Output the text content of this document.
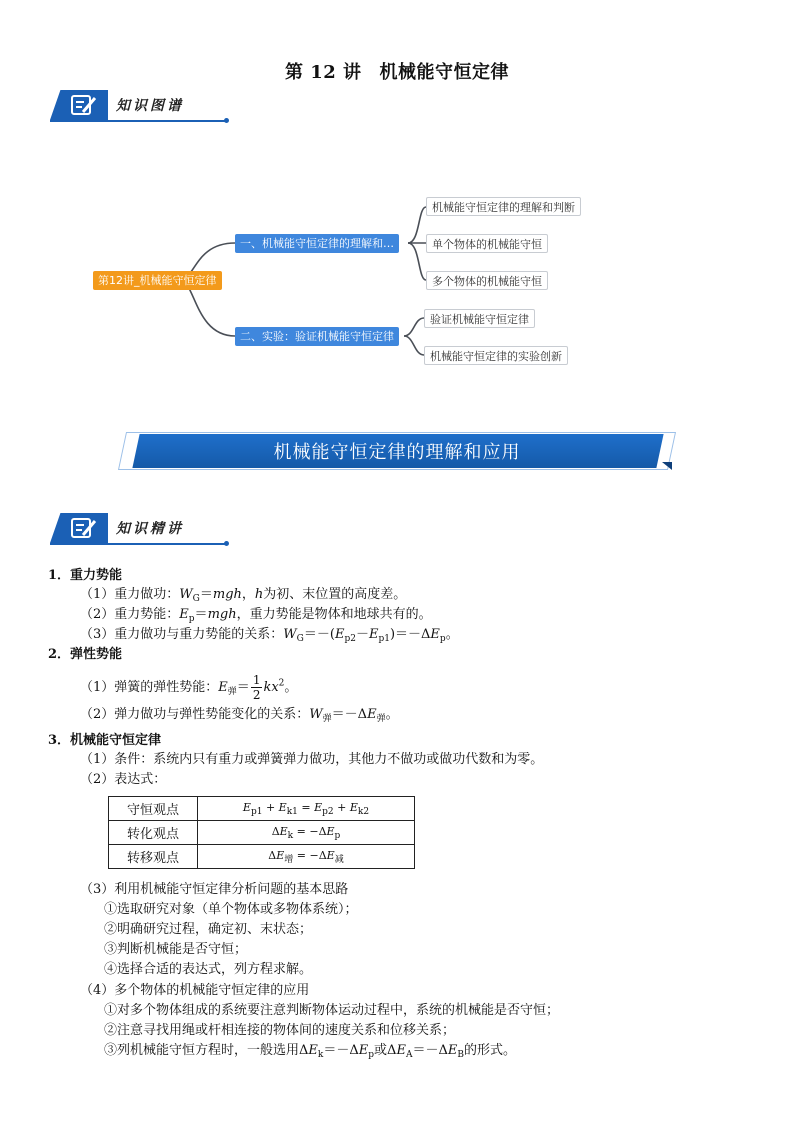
第 12 讲 机械能守恒定律
知识图谱
第12讲_机械能守恒定律
一、机械能守恒定律的理解和…
二、实验：验证机械能守恒定律
机械能守恒定律的理解和判断
单个物体的机械能守恒
多个物体的机械能守恒
验证机械能守恒定律
机械能守恒定律的实验创新
机械能守恒定律的理解和应用
知识精讲
1．重力势能
（1）重力做功：$W_G=mgh$，h为初、末位置的高度差。
（2）重力势能：$E_p=mgh$，重力势能是物体和地球共有的。
（3）重力做功与重力势能的关系：$W_G=-(E_{p2}-E_{p1})=-\Delta E_p$。
2．弹性势能
（1）弹簧的弹性势能：$E_弹= \frac{1}{2} kx^2$。
（2）弹力做功与弹性势能变化的关系：$W_弹=-\Delta E_弹$。
3．机械能守恒定律
（1）条件：系统内只有重力或弹簧弹力做功，其他力不做功或做功代数和为零。
（2）表达式：
守恒观点	$E_{p1} + E_{k1} = E_{p2} + E_{k2}$
转化观点	$\Delta E_k = -\Delta E_p$
转移观点	$\Delta E_增 = -\Delta E_减$
（3）利用机械能守恒定律分析问题的基本思路
①选取研究对象（单个物体或多物体系统）；
②明确研究过程，确定初、末状态；
③判断机械能是否守恒；
④选择合适的表达式，列方程求解。
（4）多个物体的机械能守恒定律的应用
①对多个物体组成的系统要注意判断物体运动过程中，系统的机械能是否守恒；
②注意寻找用绳或杆相连接的物体间的速度关系和位移关系；
③列机械能守恒方程时，一般选用$\Delta E_k=-\Delta E_p$或$\Delta E_A=-\Delta E_B$的形式。
